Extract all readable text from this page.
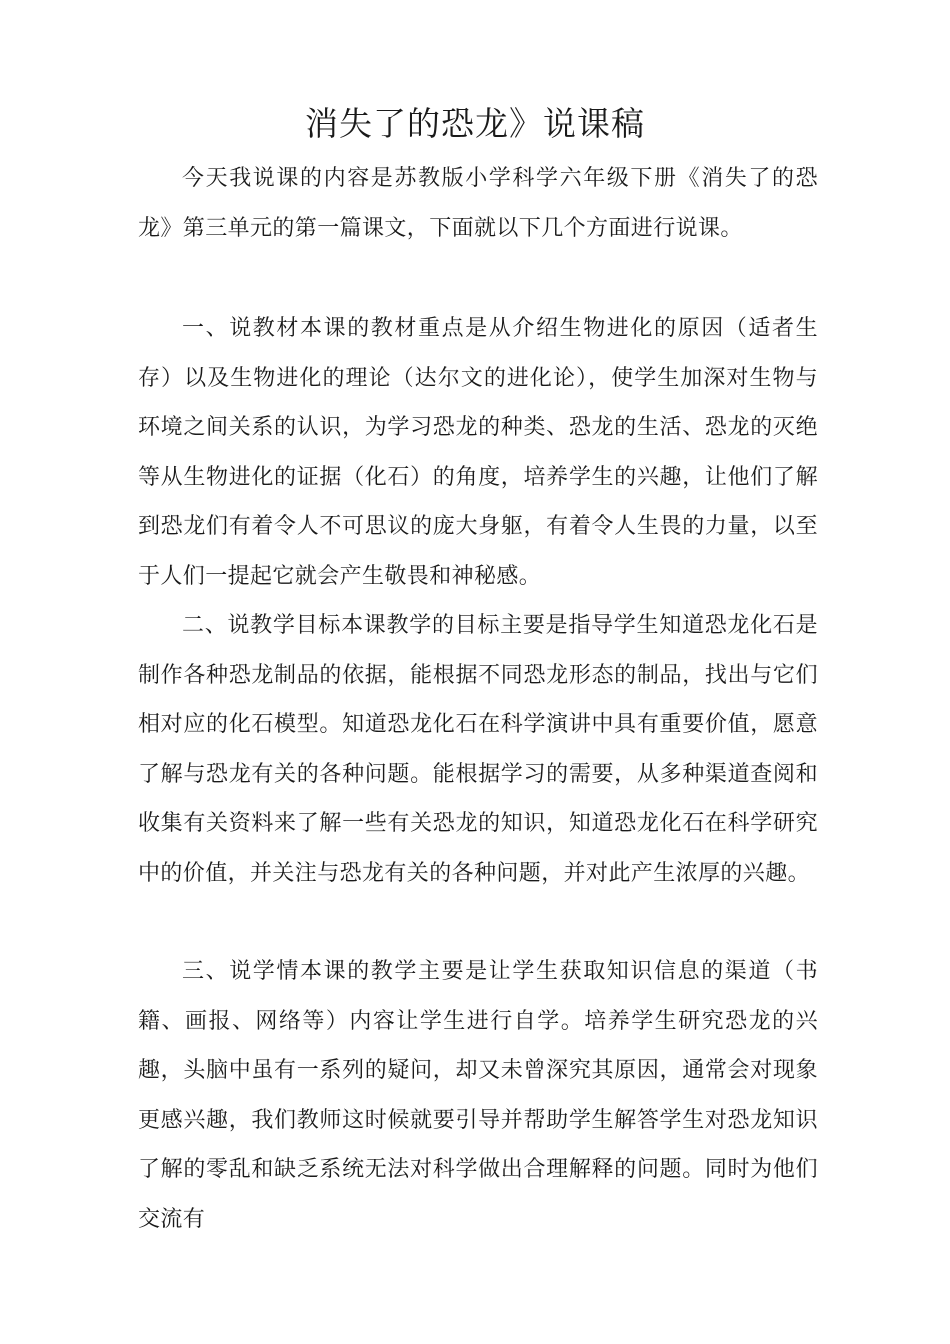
消失了的恐龙》说课稿

今天我说课的内容是苏教版小学科学六年级下册《消失了的恐龙》第三单元的第一篇课文，下面就以下几个方面进行说课。

一、说教材本课的教材重点是从介绍生物进化的原因（适者生存）以及生物进化的理论（达尔文的进化论），使学生加深对生物与环境之间关系的认识，为学习恐龙的种类、恐龙的生活、恐龙的灭绝等从生物进化的证据（化石）的角度，培养学生的兴趣，让他们了解到恐龙们有着令人不可思议的庞大身躯，有着令人生畏的力量，以至于人们一提起它就会产生敬畏和神秘感。

二、说教学目标本课教学的目标主要是指导学生知道恐龙化石是制作各种恐龙制品的依据，能根据不同恐龙形态的制品，找出与它们相对应的化石模型。知道恐龙化石在科学演讲中具有重要价值，愿意了解与恐龙有关的各种问题。能根据学习的需要，从多种渠道查阅和收集有关资料来了解一些有关恐龙的知识，知道恐龙化石在科学研究中的价值，并关注与恐龙有关的各种问题，并对此产生浓厚的兴趣。

三、说学情本课的教学主要是让学生获取知识信息的渠道（书籍、画报、网络等）内容让学生进行自学。培养学生研究恐龙的兴趣，头脑中虽有一系列的疑问，却又未曾深究其原因，通常会对现象更感兴趣，我们教师这时候就要引导并帮助学生解答学生对恐龙知识了解的零乱和缺乏系统无法对科学做出合理解释的问题。同时为他们交流有
